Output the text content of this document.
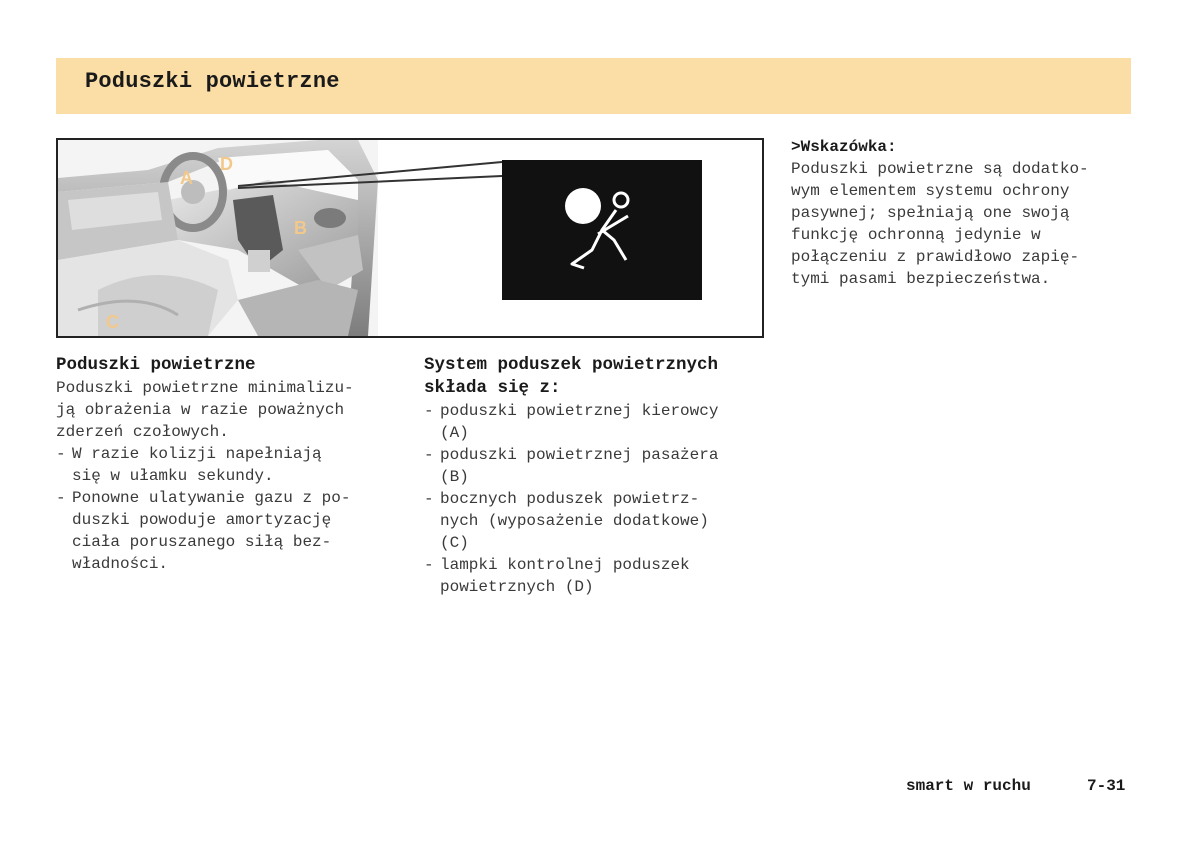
Poduszki powietrzne
A
D
B
C
Poduszki powietrzne

Poduszki powietrzne minimalizu-
ją obrażenia w razie poważnych
zderzeń czołowych.

- W razie kolizji napełniają
się w ułamku sekundy.
- Ponowne ulatywanie gazu z po-
duszki powoduje amortyzację
ciała poruszanego siłą bez-
władności.
System poduszek powietrznych
składa się z:
- poduszki powietrznej kierowcy
(A)
- poduszki powietrznej pasażera
(B)
- bocznych poduszek powietrz-
nych (wyposażenie dodatkowe)
(C)
- lampki kontrolnej poduszek
powietrznych (D)
>Wskazówka:

Poduszki powietrzne są dodatko-
wym elementem systemu ochrony
pasywnej; spełniają one swoją
funkcję ochronną jedynie w
połączeniu z prawidłowo zapię-
tymi pasami bezpieczeństwa.

smart w ruchu	7-31
